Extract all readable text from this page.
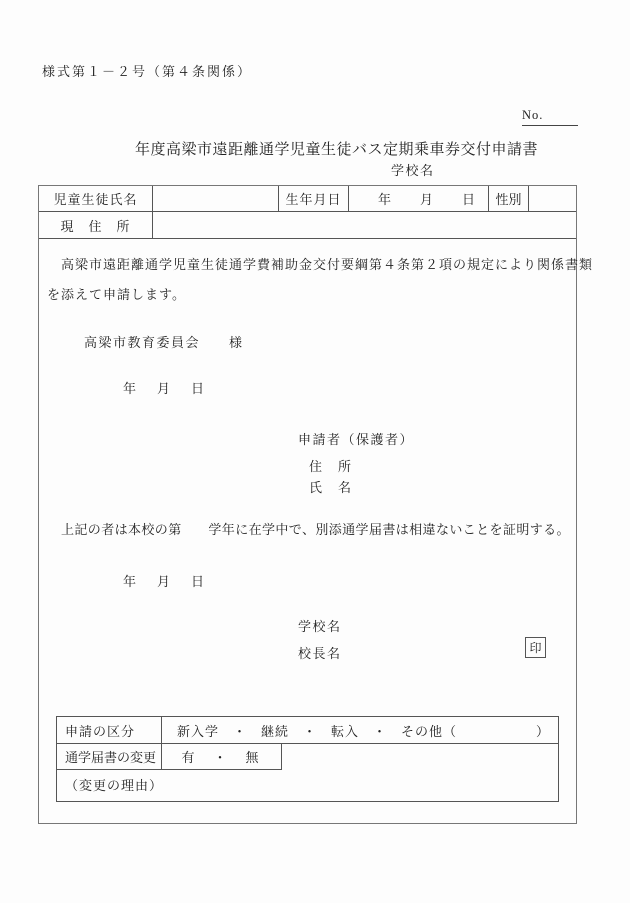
様式第１－２号（第４条関係）
No.
年度高梁市遠距離通学児童生徒バス定期乗車券交付申請書
学校名
児童生徒氏名	生年月日	年　　月　　日	性別
現　住　所
　高梁市遠距離通学児童生徒通学費補助金交付要綱第４条第２項の規定により関係書類
を添えて申請します。
高梁市教育委員会　　様
年　月　日
申請者（保護者）
住　所
氏　名
上記の者は本校の第　　学年に在学中で、別添通学届書は相違ないことを証明する。
年　月　日
学校名
校長名	印
申請の区分	新入学　・　継続　・　転入　・　その他（	）
通学届書の変更	有　・　無
（変更の理由）
